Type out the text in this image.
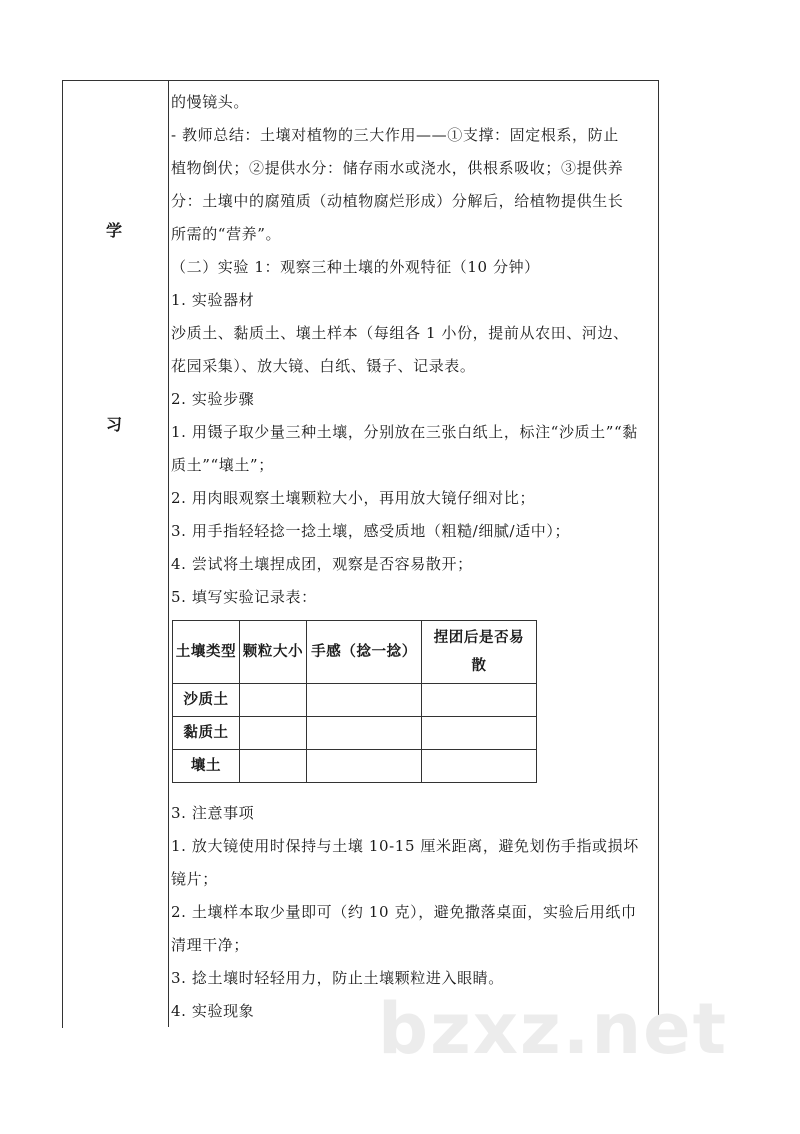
学
习

的慢镜头。

- 教师总结：土壤对植物的三大作用——①支撑：固定根系，防止

植物倒伏；②提供水分：储存雨水或浇水，供根系吸收；③提供养

分：土壤中的腐殖质（动植物腐烂形成）分解后，给植物提供生长

所需的“营养”。

（二）实验 1：观察三种土壤的外观特征（10 分钟）

1. 实验器材

沙质土、黏质土、壤土样本（每组各 1 小份，提前从农田、河边、

花园采集）、放大镜、白纸、镊子、记录表。

2. 实验步骤

1. 用镊子取少量三种土壤，分别放在三张白纸上，标注“沙质土”“黏

质土”“壤土”；

2. 用肉眼观察土壤颗粒大小，再用放大镜仔细对比；

3. 用手指轻轻捻一捻土壤，感受质地（粗糙/细腻/适中）；

4. 尝试将土壤捏成团，观察是否容易散开；

5. 填写实验记录表：

土壤类型	颗粒大小	手感（捻一捻）	捏团后是否易
散
沙质土			
黏质土			
壤土			

3. 注意事项

1. 放大镜使用时保持与土壤 10-15 厘米距离，避免划伤手指或损坏

镜片；

2. 土壤样本取少量即可（约 10 克），避免撒落桌面，实验后用纸巾

清理干净；

3. 捻土壤时轻轻用力，防止土壤颗粒进入眼睛。

4. 实验现象	bzxz.net
